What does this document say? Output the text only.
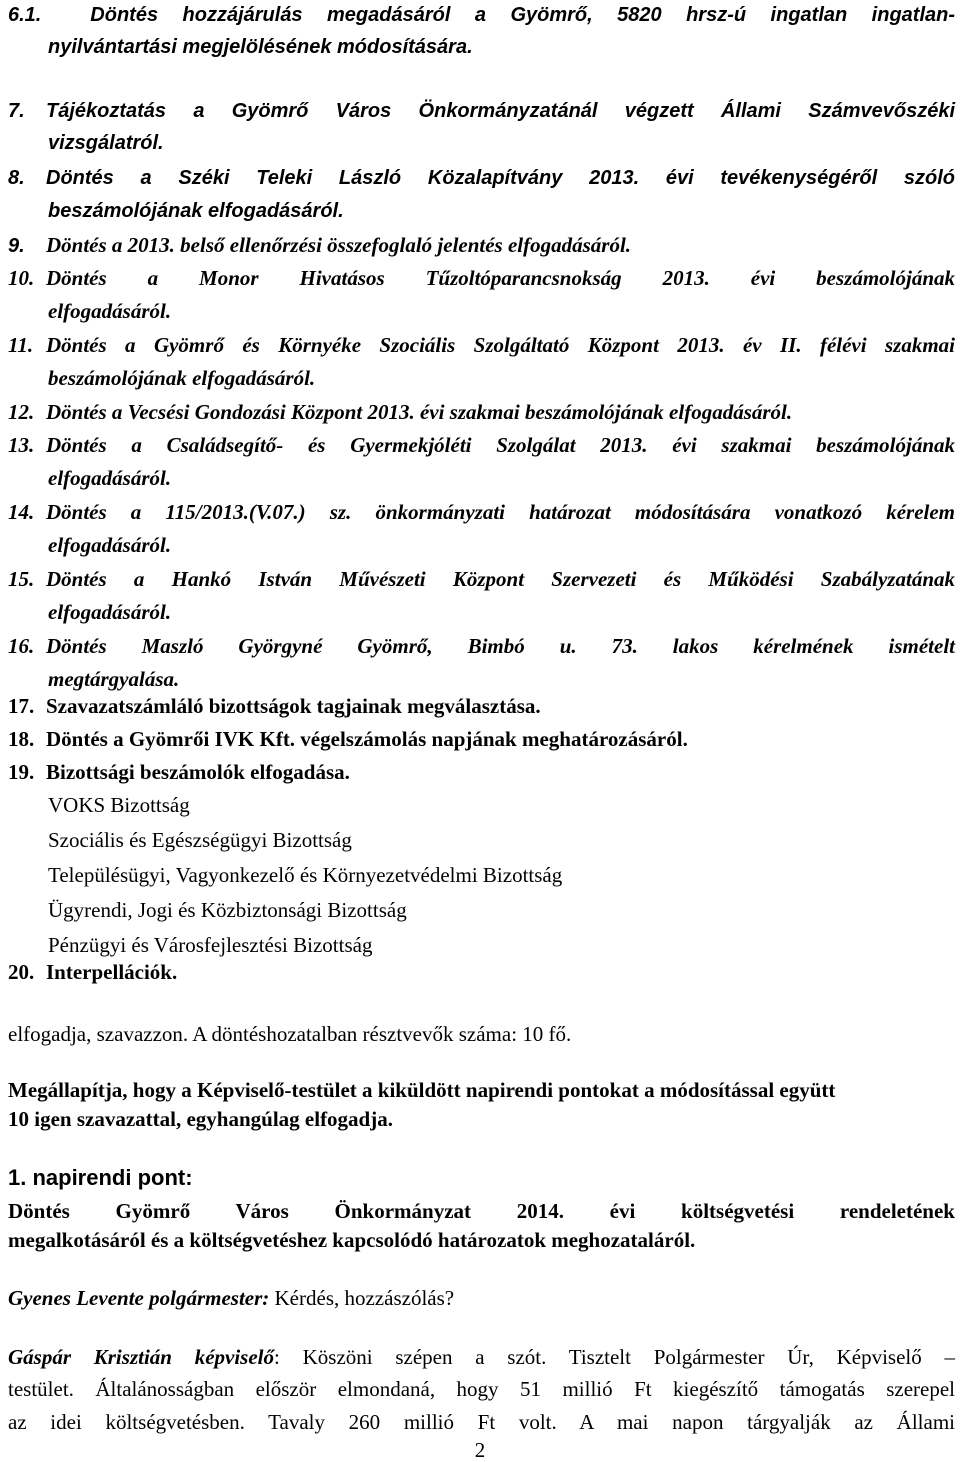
6.1. Döntés hozzájárulás megadásáról a Gyömrő, 5820 hrsz-ú ingatlan ingatlan-
nyilvántartási megjelölésének módosítására.
7. Tájékoztatás a Gyömrő Város Önkormányzatánál végzett Állami Számvevőszéki
vizsgálatról.
8. Döntés a Széki Teleki László Közalapítvány 2013. évi tevékenységéről szóló
beszámolójának elfogadásáról.
9. Döntés a 2013. belső ellenőrzési összefoglaló jelentés elfogadásáról.
10. Döntés a Monor Hivatásos Tűzoltóparancsnokság 2013. évi beszámolójának
elfogadásáról.
11. Döntés a Gyömrő és Környéke Szociális Szolgáltató Központ 2013. év II. félévi szakmai
beszámolójának elfogadásáról.
12. Döntés a Vecsési Gondozási Központ 2013. évi szakmai beszámolójának elfogadásáról.
13. Döntés a Családsegítő- és Gyermekjóléti Szolgálat 2013. évi szakmai beszámolójának
elfogadásáról.
14. Döntés a 115/2013.(V.07.) sz. önkormányzati határozat módosítására vonatkozó kérelem
elfogadásáról.
15. Döntés a Hankó István Művészeti Központ Szervezeti és Működési Szabályzatának
elfogadásáról.
16. Döntés Maszló Györgyné Gyömrő, Bimbó u. 73. lakos kérelmének ismételt
megtárgyalása.
17. Szavazatszámláló bizottságok tagjainak megválasztása.
18. Döntés a Gyömrői IVK Kft. végelszámolás napjának meghatározásáról.
19. Bizottsági beszámolók elfogadása.
VOKS Bizottság
Szociális és Egészségügyi Bizottság
Településügyi, Vagyonkezelő és Környezetvédelmi Bizottság
Ügyrendi, Jogi és Közbiztonsági Bizottság
Pénzügyi és Városfejlesztési Bizottság
20. Interpellációk.
elfogadja, szavazzon. A döntéshozatalban résztvevők száma: 10 fő.
Megállapítja, hogy a Képviselő-testület a kiküldött napirendi pontokat a módosítással együtt
10 igen szavazattal, egyhangúlag elfogadja.
1. napirendi pont:
Döntés Gyömrő Város Önkormányzat 2014. évi költségvetési rendeletének
megalkotásáról és a költségvetéshez kapcsolódó határozatok meghozataláról.
Gyenes Levente polgármester: Kérdés, hozzászólás?
Gáspár Krisztián képviselő: Köszöni szépen a szót. Tisztelt Polgármester Úr, Képviselő –
testület. Általánosságban először elmondaná, hogy 51 millió Ft kiegészítő támogatás szerepel
az idei költségvetésben. Tavaly 260 millió Ft volt. A mai napon tárgyalják az Állami
2
